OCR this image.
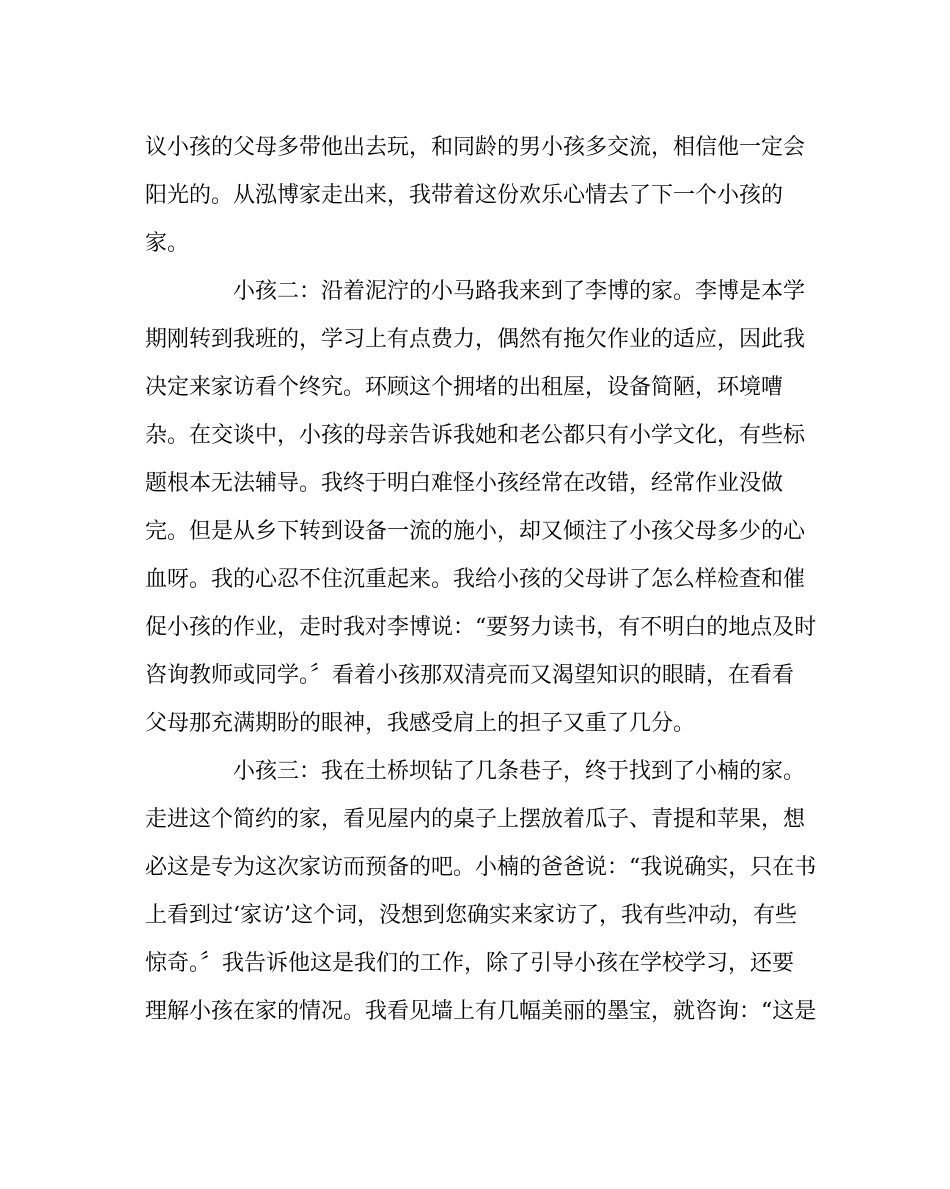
议小孩的父母多带他出去玩，和同龄的男小孩多交流，相信他一定会
阳光的。从泓博家走出来，我带着这份欢乐心情去了下一个小孩的
家。
小孩二：沿着泥泞的小马路我来到了李博的家。李博是本学
期刚转到我班的，学习上有点费力，偶然有拖欠作业的适应，因此我
决定来家访看个终究。环顾这个拥堵的出租屋，设备简陋，环境嘈
杂。在交谈中，小孩的母亲告诉我她和老公都只有小学文化，有些标
题根本无法辅导。我终于明白难怪小孩经常在改错，经常作业没做
完。但是从乡下转到设备一流的施小，却又倾注了小孩父母多少的心
血呀。我的心忍不住沉重起来。我给小孩的父母讲了怎么样检查和催
促小孩的作业，走时我对李博说：“要努力读书，有不明白的地点及时
咨询教师或同学。〞看着小孩那双清亮而又渴望知识的眼睛，在看看
父母那充满期盼的眼神，我感受肩上的担子又重了几分。
小孩三：我在土桥坝钻了几条巷子，终于找到了小楠的家。
走进这个简约的家，看见屋内的桌子上摆放着瓜子、青提和苹果，想
必这是专为这次家访而预备的吧。小楠的爸爸说：“我说确实，只在书
上看到过‘家访’这个词，没想到您确实来家访了，我有些冲动，有些
惊奇。〞我告诉他这是我们的工作，除了引导小孩在学校学习，还要
理解小孩在家的情况。我看见墙上有几幅美丽的墨宝，就咨询：“这是
